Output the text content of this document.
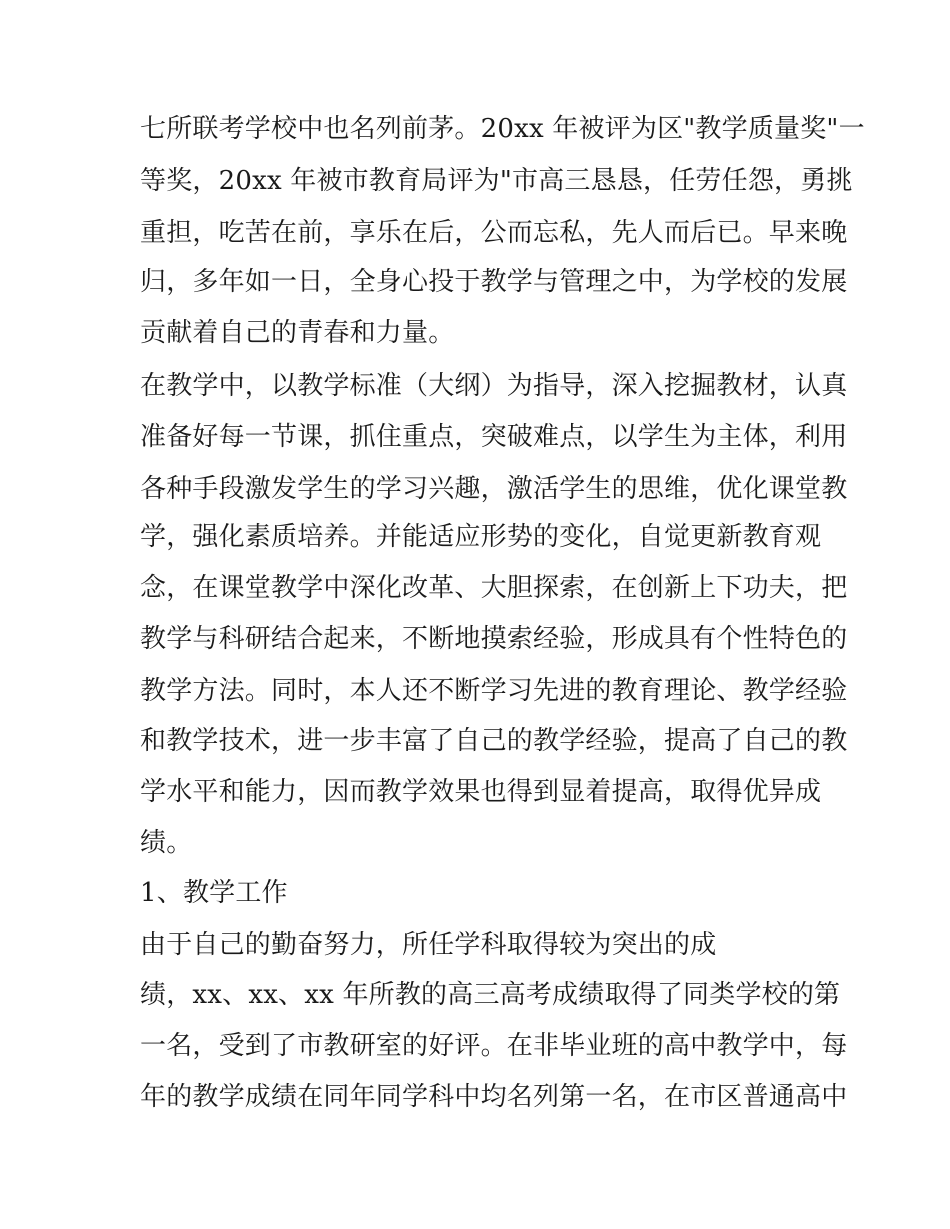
七所联考学校中也名列前茅。20xx 年被评为区"教学质量奖"一
等奖，20xx 年被市教育局评为"市高三恳恳，任劳任怨，勇挑
重担，吃苦在前，享乐在后，公而忘私，先人而后已。早来晚
归，多年如一日，全身心投于教学与管理之中，为学校的发展
贡献着自己的青春和力量。
在教学中，以教学标准（大纲）为指导，深入挖掘教材，认真
准备好每一节课，抓住重点，突破难点，以学生为主体，利用
各种手段激发学生的学习兴趣，激活学生的思维，优化课堂教
学，强化素质培养。并能适应形势的变化，自觉更新教育观
念，在课堂教学中深化改革、大胆探索，在创新上下功夫，把
教学与科研结合起来，不断地摸索经验，形成具有个性特色的
教学方法。同时，本人还不断学习先进的教育理论、教学经验
和教学技术，进一步丰富了自己的教学经验，提高了自己的教
学水平和能力，因而教学效果也得到显着提高，取得优异成
绩。
1、教学工作
由于自己的勤奋努力，所任学科取得较为突出的成
绩，xx、xx、xx 年所教的高三高考成绩取得了同类学校的第
一名，受到了市教研室的好评。在非毕业班的高中教学中，每
年的教学成绩在同年同学科中均名列第一名，在市区普通高中
